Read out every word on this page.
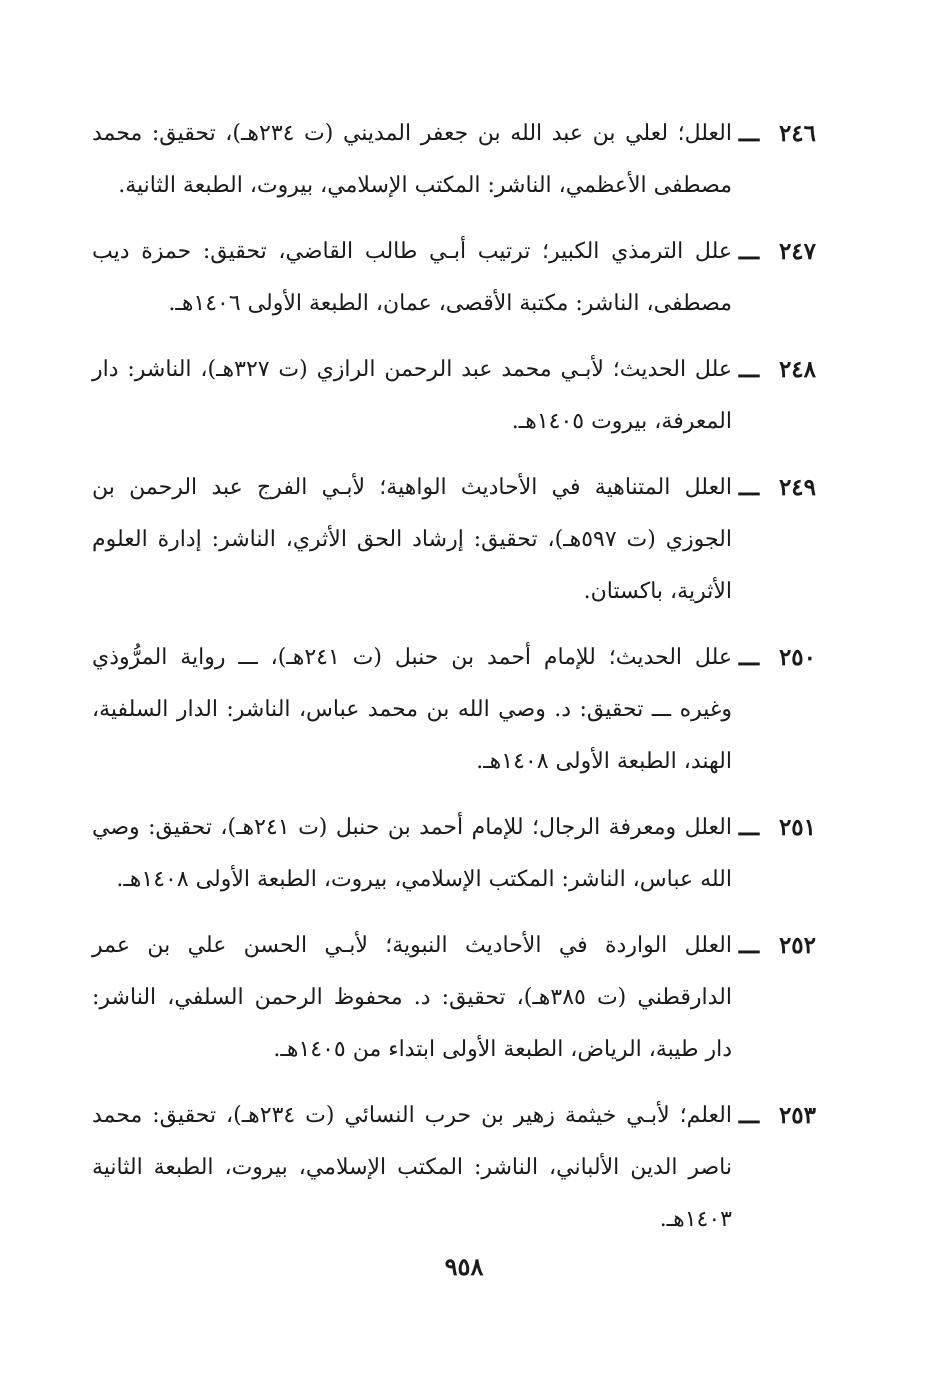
٢٤٦
ـــ
العلل؛ لعلي بن عبد الله بن جعفر المديني (ت ٢٣٤هـ)، تحقيق: محمد مصطفى الأعظمي، الناشر: المكتب الإسلامي، بيروت، الطبعة الثانية.
٢٤٧
ـــ
علل الترمذي الكبير؛ ترتيب أبـي طالب القاضي، تحقيق: حمزة ديب مصطفى، الناشر: مكتبة الأقصى، عمان، الطبعة الأولى ١٤٠٦هـ.
٢٤٨
ـــ
علل الحديث؛ لأبـي محمد عبد الرحمن الرازي (ت ٣٢٧هـ)، الناشر: دار المعرفة، بيروت ١٤٠٥هـ.
٢٤٩
ـــ
العلل المتناهية في الأحاديث الواهية؛ لأبـي الفرج عبد الرحمن بن الجوزي (ت ٥٩٧هـ)، تحقيق: إرشاد الحق الأثري، الناشر: إدارة العلوم الأثرية، باكستان.
٢٥٠
ـــ
علل الحديث؛ للإمام أحمد بن حنبل (ت ٢٤١هـ)، ـــ رواية المرُّوذي وغيره ـــ تحقيق: د. وصي الله بن محمد عباس، الناشر: الدار السلفية، الهند، الطبعة الأولى ١٤٠٨هـ.
٢٥١
ـــ
العلل ومعرفة الرجال؛ للإمام أحمد بن حنبل (ت ٢٤١هـ)، تحقيق: وصي الله عباس، الناشر: المكتب الإسلامي، بيروت، الطبعة الأولى ١٤٠٨هـ.
٢٥٢
ـــ
العلل الواردة في الأحاديث النبوية؛ لأبـي الحسن علي بن عمر الدارقطني (ت ٣٨٥هـ)، تحقيق: د. محفوظ الرحمن السلفي، الناشر: دار طيبة، الرياض، الطبعة الأولى ابتداء من ١٤٠٥هـ.
٢٥٣
ـــ
العلم؛ لأبـي خيثمة زهير بن حرب النسائي (ت ٢٣٤هـ)، تحقيق: محمد ناصر الدين الألباني، الناشر: المكتب الإسلامي، بيروت، الطبعة الثانية ١٤٠٣هـ.
٩٥٨
